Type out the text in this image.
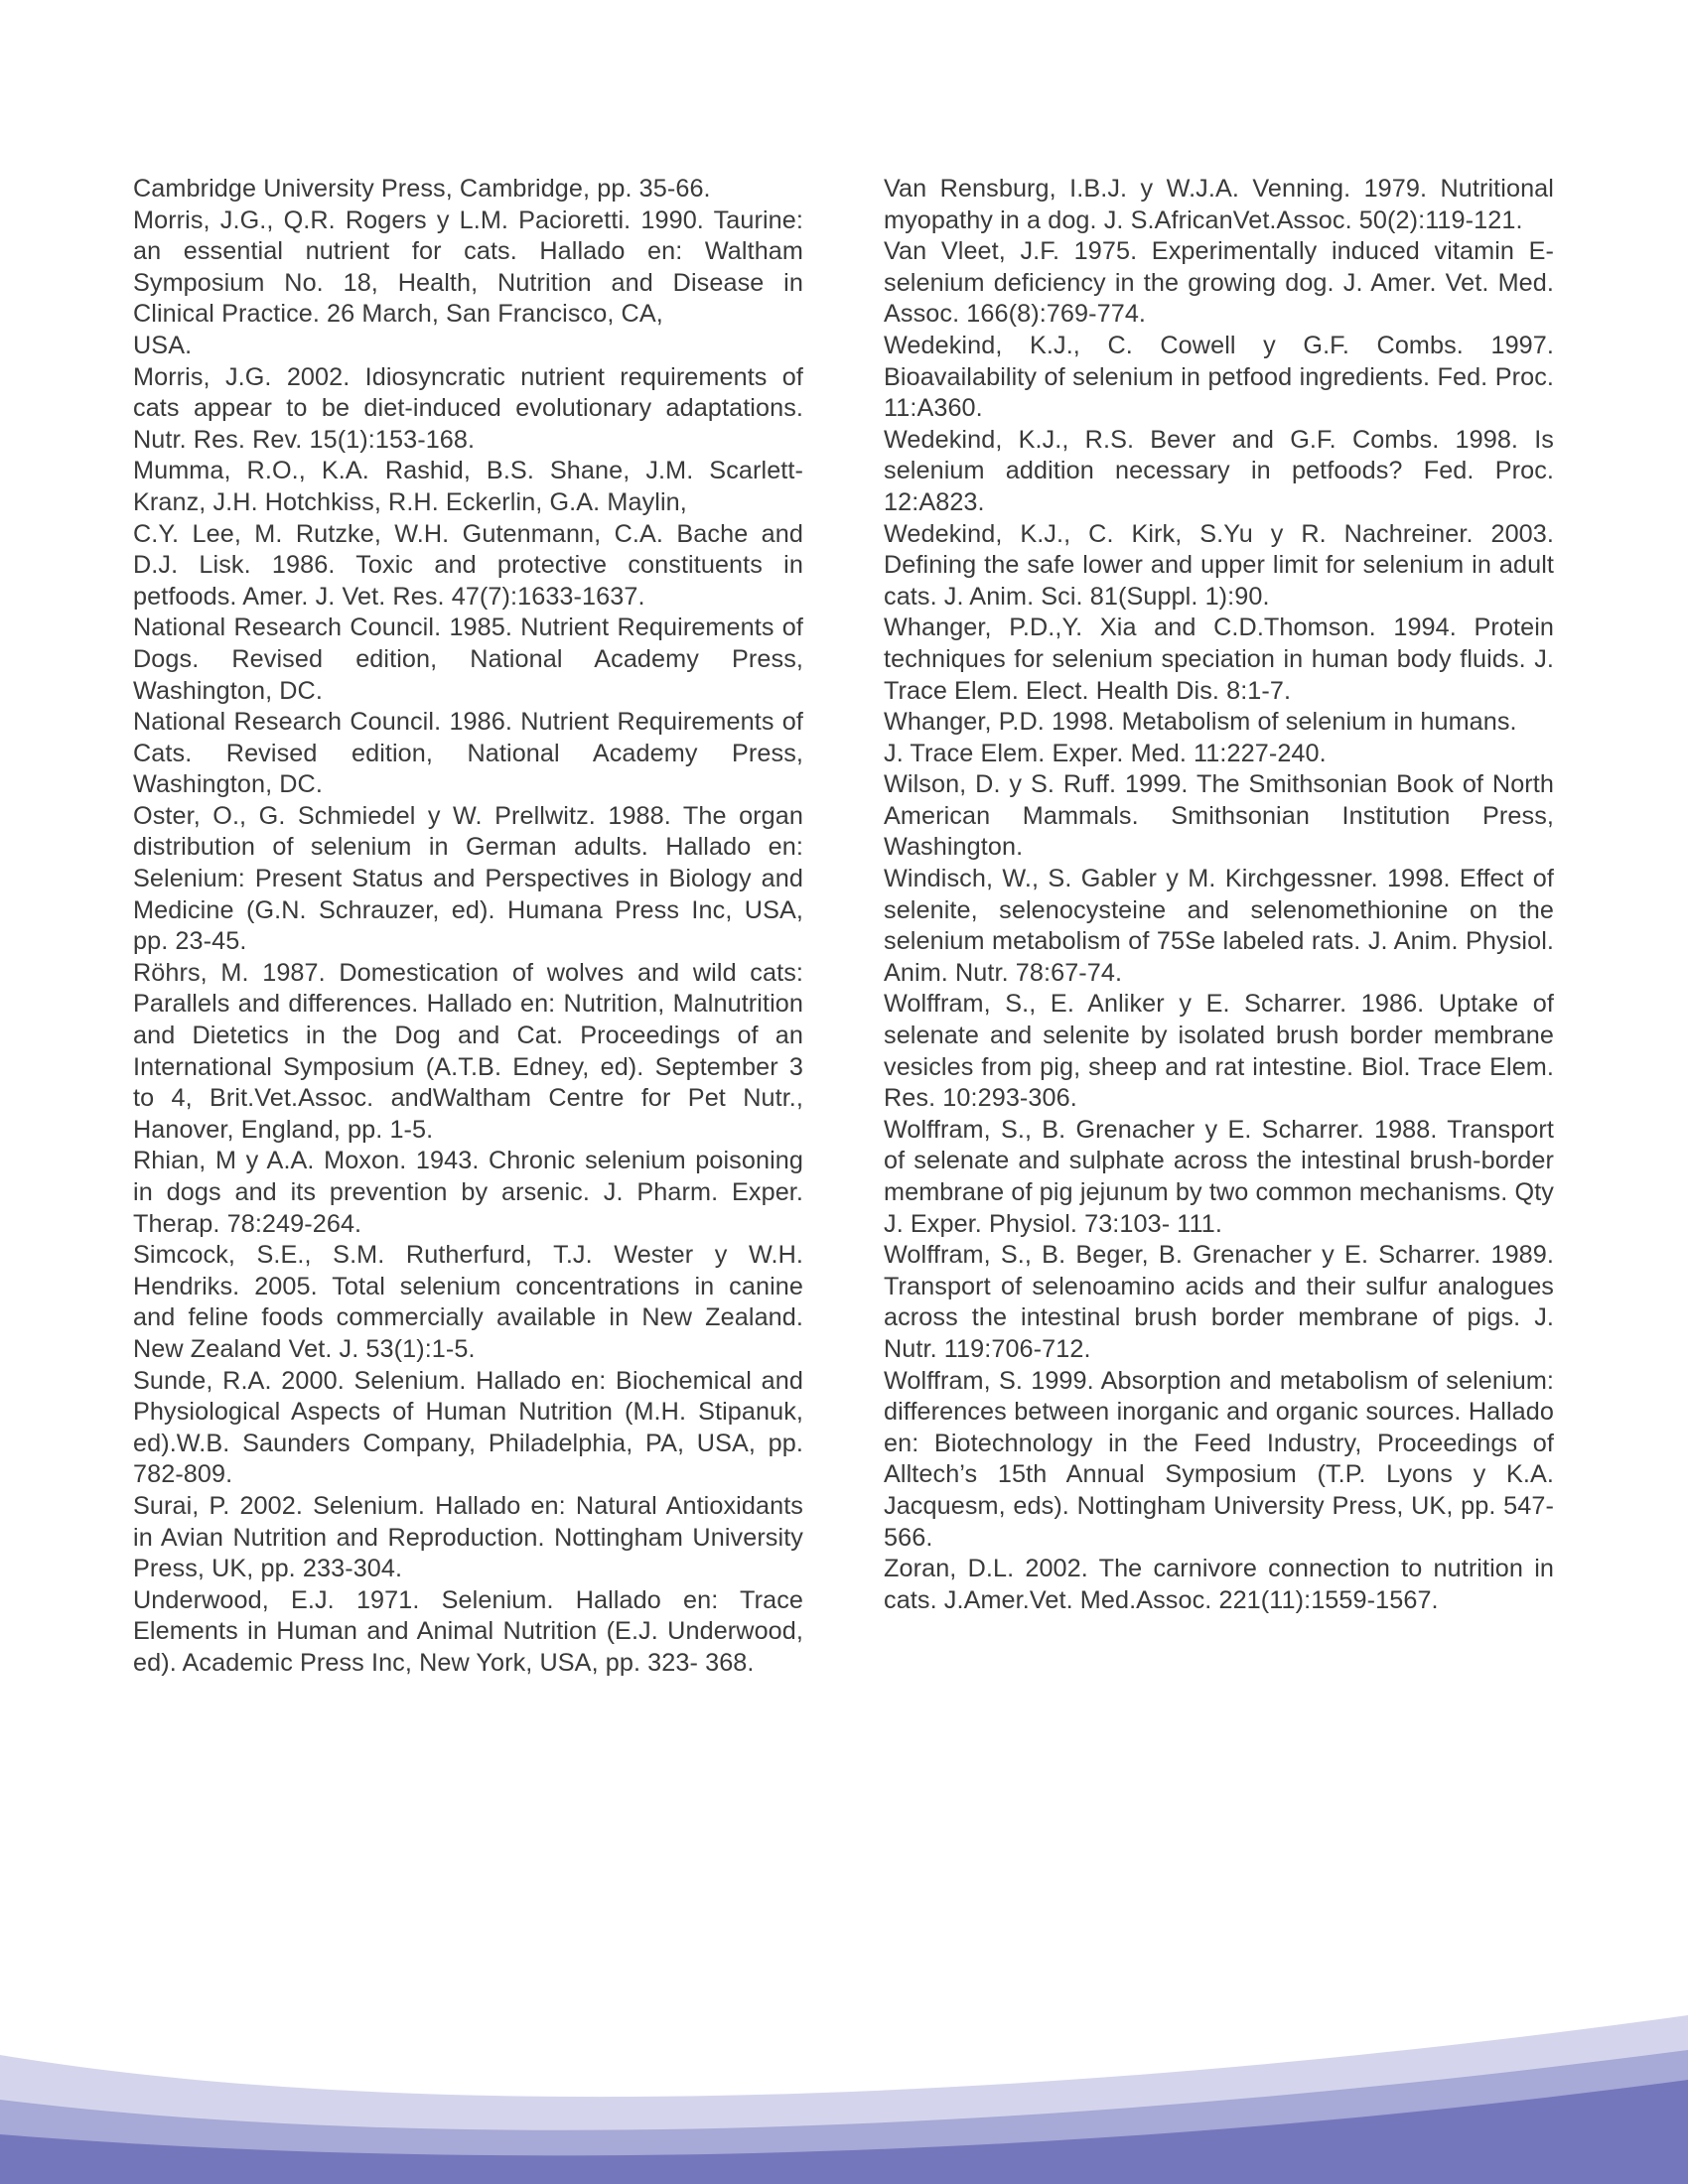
Cambridge University Press, Cambridge, pp. 35-66.

Morris, J.G., Q.R. Rogers y L.M. Pacioretti. 1990. Taurine: an essential nutrient for cats. Hallado en: Waltham Symposium No. 18, Health, Nutrition and Disease in Clinical Practice. 26 March, San Francisco, CA,

USA.

Morris, J.G. 2002. Idiosyncratic nutrient requirements of cats appear to be diet-induced evolutionary adaptations. Nutr. Res. Rev. 15(1):153-168.

Mumma, R.O., K.A. Rashid, B.S. Shane, J.M. Scarlett-Kranz, J.H. Hotchkiss, R.H. Eckerlin, G.A. Maylin,

C.Y. Lee, M. Rutzke, W.H. Gutenmann, C.A. Bache and D.J. Lisk. 1986. Toxic and protective constituents in petfoods. Amer. J. Vet. Res. 47(7):1633-1637.

National Research Council. 1985. Nutrient Requirements of Dogs. Revised edition, National Academy Press, Washington, DC.

National Research Council. 1986. Nutrient Requirements of Cats. Revised edition, National Academy Press, Washington, DC.

Oster, O., G. Schmiedel y W. Prellwitz. 1988. The organ distribution of selenium in German adults. Hallado en: Selenium: Present Status and Perspectives in Biology and Medicine (G.N. Schrauzer, ed). Humana Press Inc, USA, pp. 23-45.

Röhrs, M. 1987. Domestication of wolves and wild cats: Parallels and differences. Hallado en: Nutrition, Malnutrition and Dietetics in the Dog and Cat. Proceedings of an International Symposium (A.T.B. Edney, ed). September 3 to 4, Brit.Vet.Assoc. andWaltham Centre for Pet Nutr., Hanover, England, pp. 1-5.

Rhian, M y A.A. Moxon. 1943. Chronic selenium poisoning in dogs and its prevention by arsenic. J. Pharm. Exper. Therap. 78:249-264.

Simcock, S.E., S.M. Rutherfurd, T.J. Wester y W.H. Hendriks. 2005. Total selenium concentrations in canine and feline foods commercially available in New Zealand. New Zealand Vet. J. 53(1):1-5.

Sunde, R.A. 2000. Selenium. Hallado en: Biochemical and Physiological Aspects of Human Nutrition (M.H. Stipanuk, ed).W.B. Saunders Company, Philadelphia, PA, USA, pp. 782-809.

Surai, P. 2002. Selenium. Hallado en: Natural Antioxidants in Avian Nutrition and Reproduction. Nottingham University Press, UK, pp. 233-304.

Underwood, E.J. 1971. Selenium. Hallado en: Trace Elements in Human and Animal Nutrition (E.J. Underwood, ed). Academic Press Inc, New York, USA, pp. 323- 368.

Van Rensburg, I.B.J. y W.J.A. Venning. 1979. Nutritional myopathy in a dog. J. S.AfricanVet.Assoc. 50(2):119-121.

Van Vleet, J.F. 1975. Experimentally induced vitamin E-selenium deficiency in the growing dog. J. Amer. Vet. Med. Assoc. 166(8):769-774.

Wedekind, K.J., C. Cowell y G.F. Combs. 1997. Bioavailability of selenium in petfood ingredients. Fed. Proc. 11:A360.

Wedekind, K.J., R.S. Bever and G.F. Combs. 1998. Is selenium addition necessary in petfoods? Fed. Proc. 12:A823.

Wedekind, K.J., C. Kirk, S.Yu y R. Nachreiner. 2003. Defining the safe lower and upper limit for selenium in adult cats. J. Anim. Sci. 81(Suppl. 1):90.

Whanger, P.D.,Y. Xia and C.D.Thomson. 1994. Protein techniques for selenium speciation in human body fluids. J. Trace Elem. Elect. Health Dis. 8:1-7.

Whanger, P.D. 1998. Metabolism of selenium in humans.

J. Trace Elem. Exper. Med. 11:227-240.

Wilson, D. y S. Ruff. 1999. The Smithsonian Book of North American Mammals. Smithsonian Institution Press, Washington.

Windisch, W., S. Gabler y M. Kirchgessner. 1998. Effect of selenite, selenocysteine and selenomethionine on the selenium metabolism of 75Se labeled rats. J. Anim. Physiol. Anim. Nutr. 78:67-74.

Wolffram, S., E. Anliker y E. Scharrer. 1986. Uptake of selenate and selenite by isolated brush border membrane vesicles from pig, sheep and rat intestine. Biol. Trace Elem. Res. 10:293-306.

Wolffram, S., B. Grenacher y E. Scharrer. 1988. Transport of selenate and sulphate across the intestinal brush-border membrane of pig jejunum by two common mechanisms. Qty J. Exper. Physiol. 73:103- 111.

Wolffram, S., B. Beger, B. Grenacher y E. Scharrer. 1989. Transport of selenoamino acids and their sulfur analogues across the intestinal brush border membrane of pigs. J. Nutr. 119:706-712.

Wolffram, S. 1999. Absorption and metabolism of selenium: differences between inorganic and organic sources. Hallado en: Biotechnology in the Feed Industry, Proceedings of Alltech’s 15th Annual Symposium (T.P. Lyons y K.A. Jacquesm, eds). Nottingham University Press, UK, pp. 547-566.

Zoran, D.L. 2002. The carnivore connection to nutrition in cats. J.Amer.Vet. Med.Assoc. 221(11):1559-1567.
